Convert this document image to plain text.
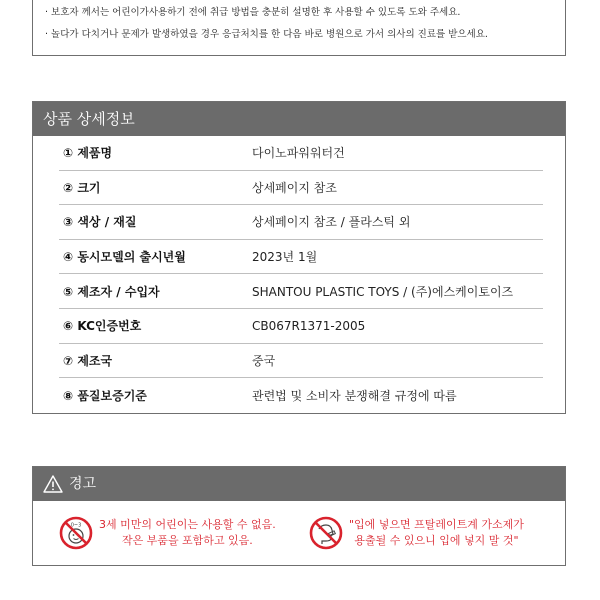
· 보호자 께서는 어린이가사용하기 전에 취급 방법을 충분히 설명한 후 사용할 수 있도록 도와 주세요.
· 놀다가 다치거나 문제가 발생하였을 경우 응급처치를 한 다음 바로 병원으로 가서 의사의 진료를 받으세요.
상품 상세정보
① 제품명	다이노파워워터건
② 크기	상세페이지 참조
③ 색상 / 재질	상세페이지 참조 / 플라스틱 외
④ 동시모델의 출시년월	2023년 1월
⑤ 제조자 / 수입자	SHANTOU PLASTIC TOYS / (주)에스케이토이즈
⑥ KC인증번호	CB067R1371-2005
⑦ 제조국	중국
⑧ 품질보증기준	관련법 및 소비자 분쟁해결 규정에 따름
경고
0~3 3세 미만의 어린이는 사용할 수 없음.
작은 부품을 포함하고 있음.
"입에 넣으면 프탈레이트계 가소제가
용출될 수 있으니 입에 넣지 말 것"
